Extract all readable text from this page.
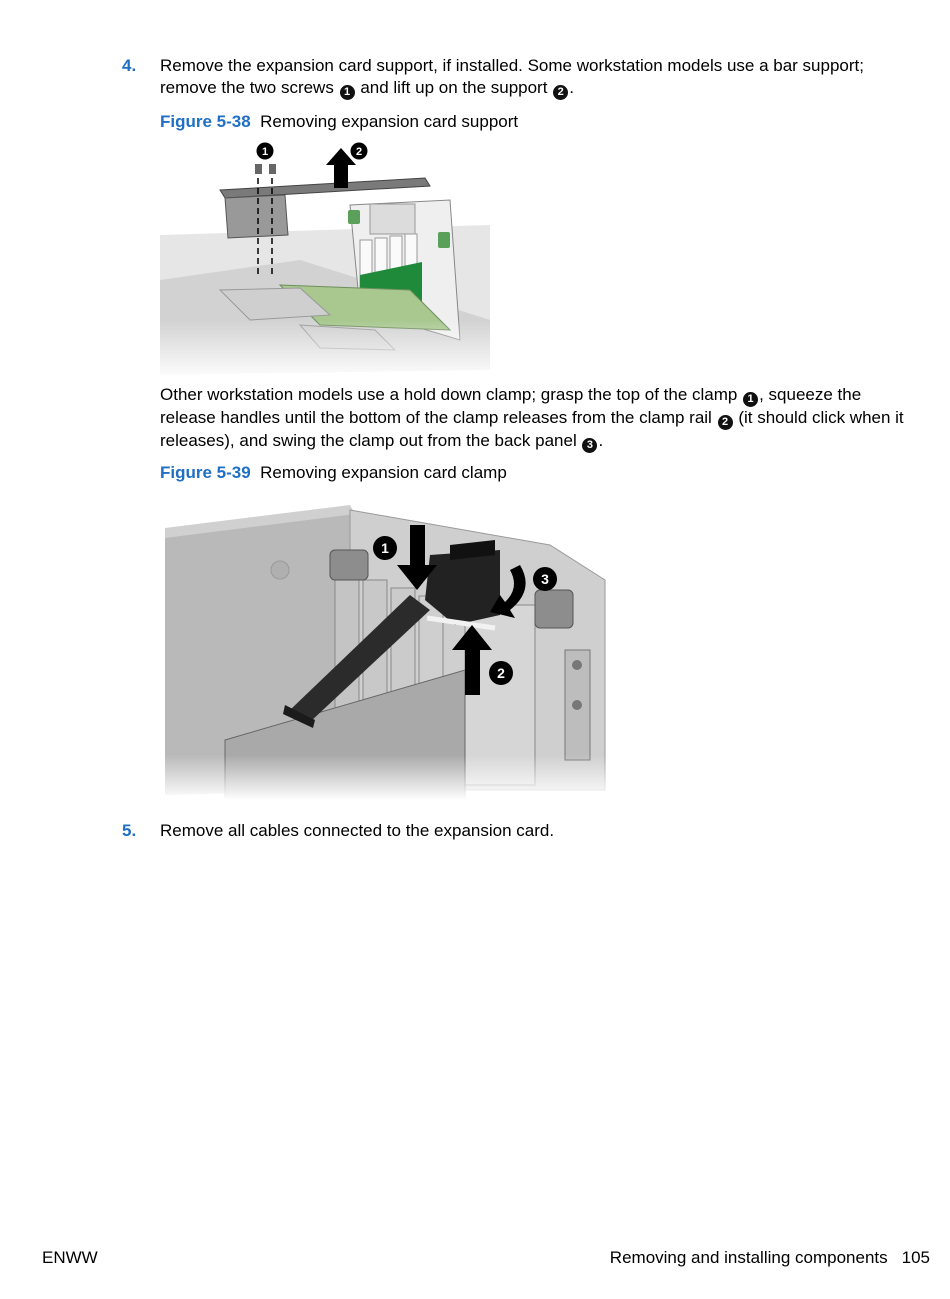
4. Remove the expansion card support, if installed. Some workstation models use a bar support; remove the two screws 1 and lift up on the support 2 .
Figure 5-38 Removing expansion card support
1	2
Other workstation models use a hold down clamp; grasp the top of the clamp 1 , squeeze the release handles until the bottom of the clamp releases from the clamp rail 2 (it should click when it releases), and swing the clamp out from the back panel 3 .
Figure 5-39 Removing expansion card clamp
1
2
3
5. Remove all cables connected to the expansion card.
ENWW	Removing and installing components 105
